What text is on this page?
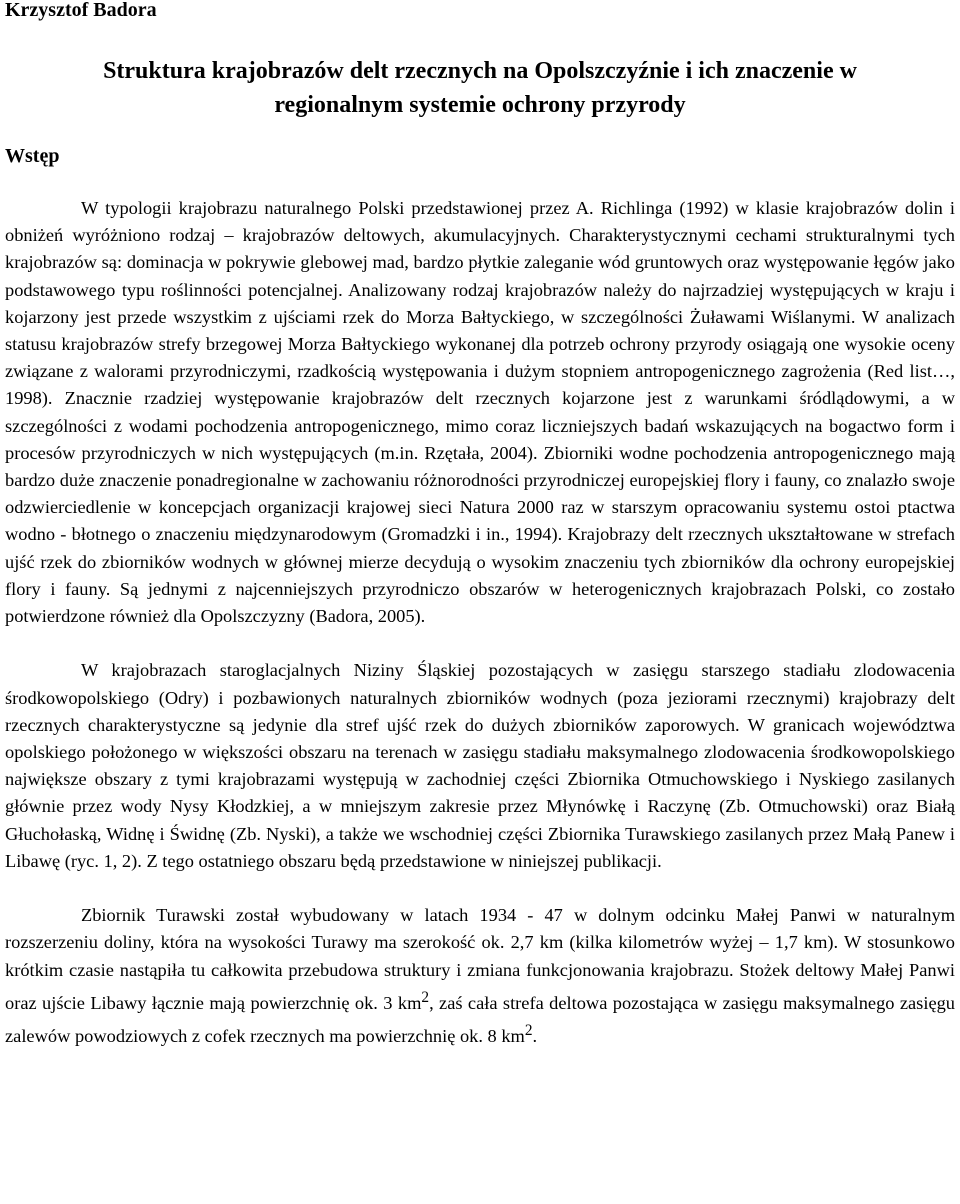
Krzysztof Badora
Struktura krajobrazów delt rzecznych na Opolszczyźnie i ich znaczenie w
regionalnym systemie ochrony przyrody
Wstęp

W typologii krajobrazu naturalnego Polski przedstawionej przez A. Richlinga (1992) w klasie krajobrazów dolin i obniżeń wyróżniono rodzaj – krajobrazów deltowych, akumulacyjnych. Charakterystycznymi cechami strukturalnymi tych krajobrazów są: dominacja w pokrywie glebowej mad, bardzo płytkie zaleganie wód gruntowych oraz występowanie łęgów jako podstawowego typu roślinności potencjalnej. Analizowany rodzaj krajobrazów należy do najrzadziej występujących w kraju i kojarzony jest przede wszystkim z ujściami rzek do Morza Bałtyckiego, w szczególności Żuławami Wiślanymi. W analizach statusu krajobrazów strefy brzegowej Morza Bałtyckiego wykonanej dla potrzeb ochrony przyrody osiągają one wysokie oceny związane z walorami przyrodniczymi, rzadkością występowania i dużym stopniem antropogenicznego zagrożenia (Red list…, 1998). Znacznie rzadziej występowanie krajobrazów delt rzecznych kojarzone jest z warunkami śródlądowymi, a w szczególności z wodami pochodzenia antropogenicznego, mimo coraz liczniejszych badań wskazujących na bogactwo form i procesów przyrodniczych w nich występujących (m.in. Rzętała, 2004). Zbiorniki wodne pochodzenia antropogenicznego mają bardzo duże znaczenie ponadregionalne w zachowaniu różnorodności przyrodniczej europejskiej flory i fauny, co znalazło swoje odzwierciedlenie w koncepcjach organizacji krajowej sieci Natura 2000 raz w starszym opracowaniu systemu ostoi ptactwa wodno - błotnego o znaczeniu międzynarodowym (Gromadzki i in., 1994). Krajobrazy delt rzecznych ukształtowane w strefach ujść rzek do zbiorników wodnych w głównej mierze decydują o wysokim znaczeniu tych zbiorników dla ochrony europejskiej flory i fauny. Są jednymi z najcenniejszych przyrodniczo obszarów w heterogenicznych krajobrazach Polski, co zostało potwierdzone również dla Opolszczyzny (Badora, 2005).

W krajobrazach staroglacjalnych Niziny Śląskiej pozostających w zasięgu starszego stadiału zlodowacenia środkowopolskiego (Odry) i pozbawionych naturalnych zbiorników wodnych (poza jeziorami rzecznymi) krajobrazy delt rzecznych charakterystyczne są jedynie dla stref ujść rzek do dużych zbiorników zaporowych. W granicach województwa opolskiego położonego w większości obszaru na terenach w zasięgu stadiału maksymalnego zlodowacenia środkowopolskiego największe obszary z tymi krajobrazami występują w zachodniej części Zbiornika Otmuchowskiego i Nyskiego zasilanych głównie przez wody Nysy Kłodzkiej, a w mniejszym zakresie przez Młynówkę i Raczynę (Zb. Otmuchowski) oraz Białą Głuchołaską, Widnę i Świdnę (Zb. Nyski), a także we wschodniej części Zbiornika Turawskiego zasilanych przez Małą Panew i Libawę (ryc. 1, 2). Z tego ostatniego obszaru będą przedstawione w niniejszej publikacji.

Zbiornik Turawski został wybudowany w latach 1934 - 47 w dolnym odcinku Małej Panwi w naturalnym rozszerzeniu doliny, która na wysokości Turawy ma szerokość ok. 2,7 km (kilka kilometrów wyżej – 1,7 km). W stosunkowo krótkim czasie nastąpiła tu całkowita przebudowa struktury i zmiana funkcjonowania krajobrazu. Stożek deltowy Małej Panwi oraz ujście Libawy łącznie mają powierzchnię ok. 3 $km^2$, zaś cała strefa deltowa pozostająca w zasięgu maksymalnego zasięgu zalewów powodziowych z cofek rzecznych ma powierzchnię ok. 8 $km^2$.
